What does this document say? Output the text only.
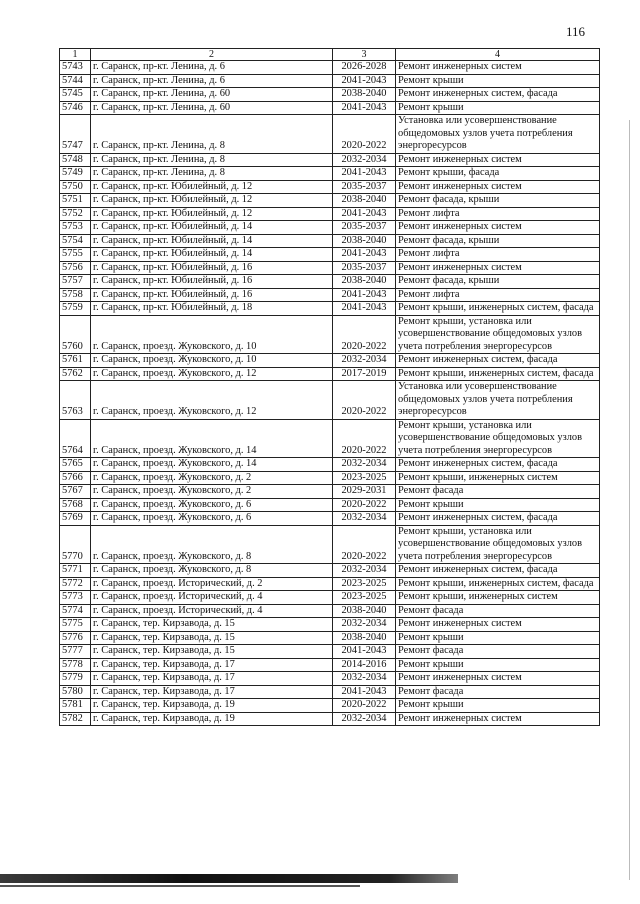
116
1	2	3	4
5743	г. Саранск, пр-кт. Ленина, д. 6	2026-2028	Ремонт инженерных систем
5744	г. Саранск, пр-кт. Ленина, д. 6	2041-2043	Ремонт крыши
5745	г. Саранск, пр-кт. Ленина, д. 60	2038-2040	Ремонт инженерных систем, фасада
5746	г. Саранск, пр-кт. Ленина, д. 60	2041-2043	Ремонт крыши
5747	г. Саранск, пр-кт. Ленина, д. 8	2020-2022	Установка или усовершенствование общедомовых узлов учета потребления энергоресурсов
5748	г. Саранск, пр-кт. Ленина, д. 8	2032-2034	Ремонт инженерных систем
5749	г. Саранск, пр-кт. Ленина, д. 8	2041-2043	Ремонт крыши, фасада
5750	г. Саранск, пр-кт. Юбилейный, д. 12	2035-2037	Ремонт инженерных систем
5751	г. Саранск, пр-кт. Юбилейный, д. 12	2038-2040	Ремонт фасада, крыши
5752	г. Саранск, пр-кт. Юбилейный, д. 12	2041-2043	Ремонт лифта
5753	г. Саранск, пр-кт. Юбилейный, д. 14	2035-2037	Ремонт инженерных систем
5754	г. Саранск, пр-кт. Юбилейный, д. 14	2038-2040	Ремонт фасада, крыши
5755	г. Саранск, пр-кт. Юбилейный, д. 14	2041-2043	Ремонт лифта
5756	г. Саранск, пр-кт. Юбилейный, д. 16	2035-2037	Ремонт инженерных систем
5757	г. Саранск, пр-кт. Юбилейный, д. 16	2038-2040	Ремонт фасада, крыши
5758	г. Саранск, пр-кт. Юбилейный, д. 16	2041-2043	Ремонт лифта
5759	г. Саранск, пр-кт. Юбилейный, д. 18	2041-2043	Ремонт крыши, инженерных систем, фасада
5760	г. Саранск, проезд. Жуковского, д. 10	2020-2022	Ремонт крыши, установка или усовершенствование общедомовых узлов учета потребления энергоресурсов
5761	г. Саранск, проезд. Жуковского, д. 10	2032-2034	Ремонт инженерных систем, фасада
5762	г. Саранск, проезд. Жуковского, д. 12	2017-2019	Ремонт крыши, инженерных систем, фасада
5763	г. Саранск, проезд. Жуковского, д. 12	2020-2022	Установка или усовершенствование общедомовых узлов учета потребления энергоресурсов
5764	г. Саранск, проезд. Жуковского, д. 14	2020-2022	Ремонт крыши, установка или усовершенствование общедомовых узлов учета потребления энергоресурсов
5765	г. Саранск, проезд. Жуковского, д. 14	2032-2034	Ремонт инженерных систем, фасада
5766	г. Саранск, проезд. Жуковского, д. 2	2023-2025	Ремонт крыши, инженерных систем
5767	г. Саранск, проезд. Жуковского, д. 2	2029-2031	Ремонт фасада
5768	г. Саранск, проезд. Жуковского, д. 6	2020-2022	Ремонт крыши
5769	г. Саранск, проезд. Жуковского, д. 6	2032-2034	Ремонт инженерных систем, фасада
5770	г. Саранск, проезд. Жуковского, д. 8	2020-2022	Ремонт крыши, установка или усовершенствование общедомовых узлов учета потребления энергоресурсов
5771	г. Саранск, проезд. Жуковского, д. 8	2032-2034	Ремонт инженерных систем, фасада
5772	г. Саранск, проезд. Исторический, д. 2	2023-2025	Ремонт крыши, инженерных систем, фасада
5773	г. Саранск, проезд. Исторический, д. 4	2023-2025	Ремонт крыши, инженерных систем
5774	г. Саранск, проезд. Исторический, д. 4	2038-2040	Ремонт фасада
5775	г. Саранск, тер. Кирзавода, д. 15	2032-2034	Ремонт инженерных систем
5776	г. Саранск, тер. Кирзавода, д. 15	2038-2040	Ремонт крыши
5777	г. Саранск, тер. Кирзавода, д. 15	2041-2043	Ремонт фасада
5778	г. Саранск, тер. Кирзавода, д. 17	2014-2016	Ремонт крыши
5779	г. Саранск, тер. Кирзавода, д. 17	2032-2034	Ремонт инженерных систем
5780	г. Саранск, тер. Кирзавода, д. 17	2041-2043	Ремонт фасада
5781	г. Саранск, тер. Кирзавода, д. 19	2020-2022	Ремонт крыши
5782	г. Саранск, тер. Кирзавода, д. 19	2032-2034	Ремонт инженерных систем
